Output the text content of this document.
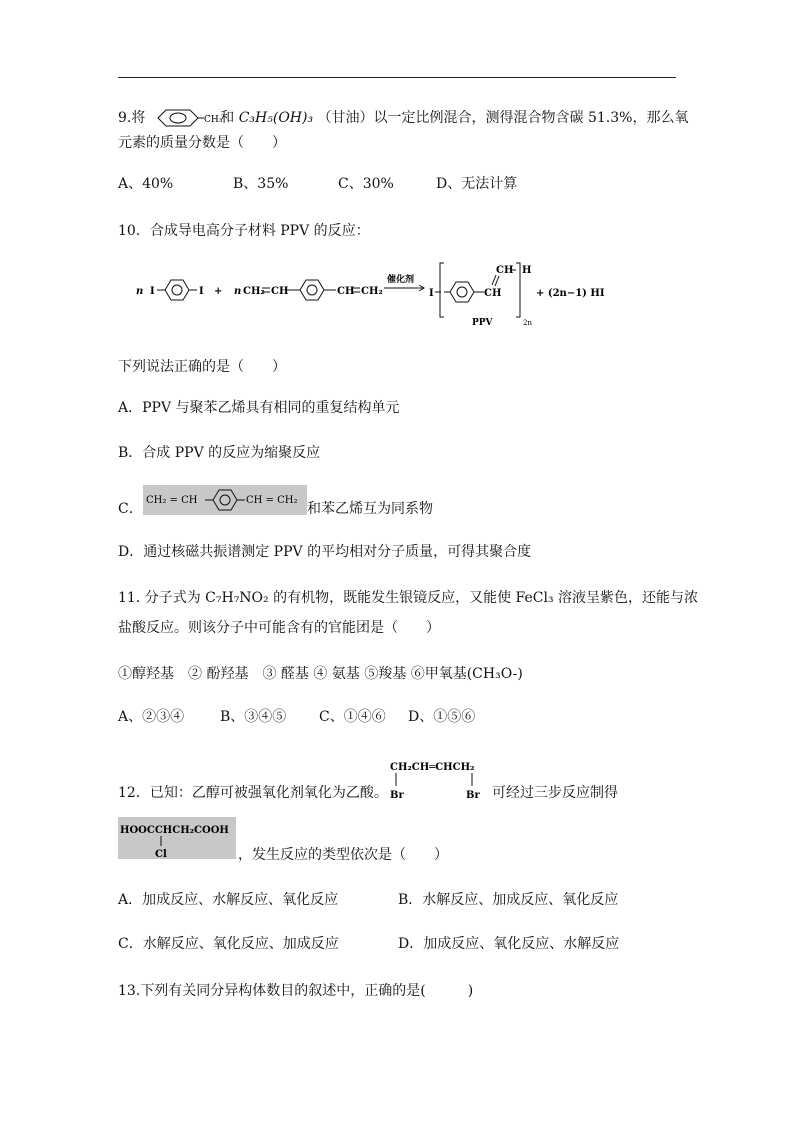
9.将	CH₃
和 C₃H₅(OH)₃ （甘油）以一定比例混合，测得混合物含碳 51.3%，那么氧
元素的质量分数是（　　）
A、40%	B、35%	C、30%	D、无法计算
10．合成导电高分子材料 PPV 的反应：
n I	I + n CH₂ CH	CH CH₂
催化剂
I	CH
CH H
2n
+ (2n−1) HI
PPV
下列说法正确的是（　　）
A．PPV 与聚苯乙烯具有相同的重复结构单元
B．合成 PPV 的反应为缩聚反应
C．
CH₂ = CH	CH = CH₂
和苯乙烯互为同系物
D．通过核磁共振谱测定 PPV 的平均相对分子质量，可得其聚合度
11. 分子式为 C₇H₇NO₂ 的有机物，既能发生银镜反应，又能使 FeCl₃ 溶液呈紫色，还能与浓
盐酸反应。则该分子中可能含有的官能团是（　　）
①醇羟基　② 酚羟基　③ 醛基 ④ 氨基 ⑤羧基 ⑥甲氧基(CH₃O-)
A、②③④	B、③④⑤ C、①④⑥ D、①⑤⑥
12．已知：乙醇可被强氧化剂氧化为乙酸。
CH₂CH═CHCH₂
Br	Br 可经过三步反应制得
HOOCCHCH₂COOH
Cl	，发生反应的类型依次是（　　）
A．加成反应、水解反应、氧化反应	B．水解反应、加成反应、氧化反应
C．水解反应、氧化反应、加成反应	D．加成反应、氧化反应、水解反应
13.下列有关同分异构体数目的叙述中，正确的是(　　　)
